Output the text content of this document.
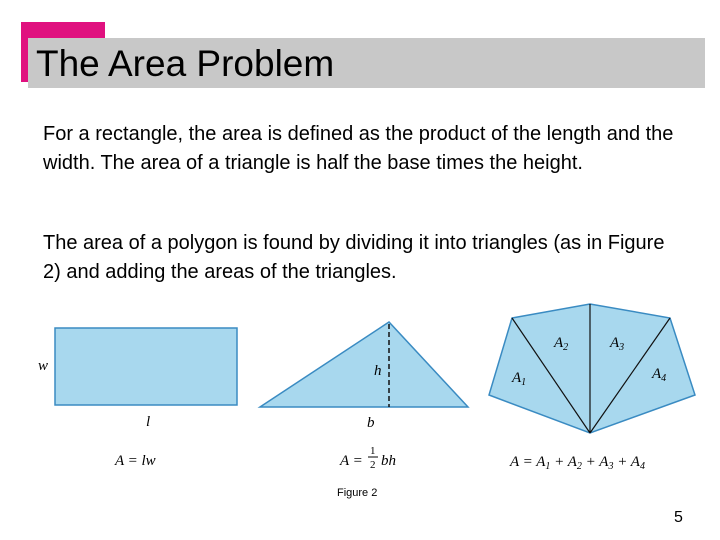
The Area Problem

For a rectangle, the area is defined as the product of the length and the width. The area of a triangle is half the base times the height.

The area of a polygon is found by dividing it into triangles (as in Figure 2) and adding the areas of the triangles.

w
l
A = lw
h
b
A =
1
2 bh
$A_1$
$A_2$	$A_3$
$A_4$
$A = A_1 + A_2 + A_3 + A_4$
Figure 2
5
